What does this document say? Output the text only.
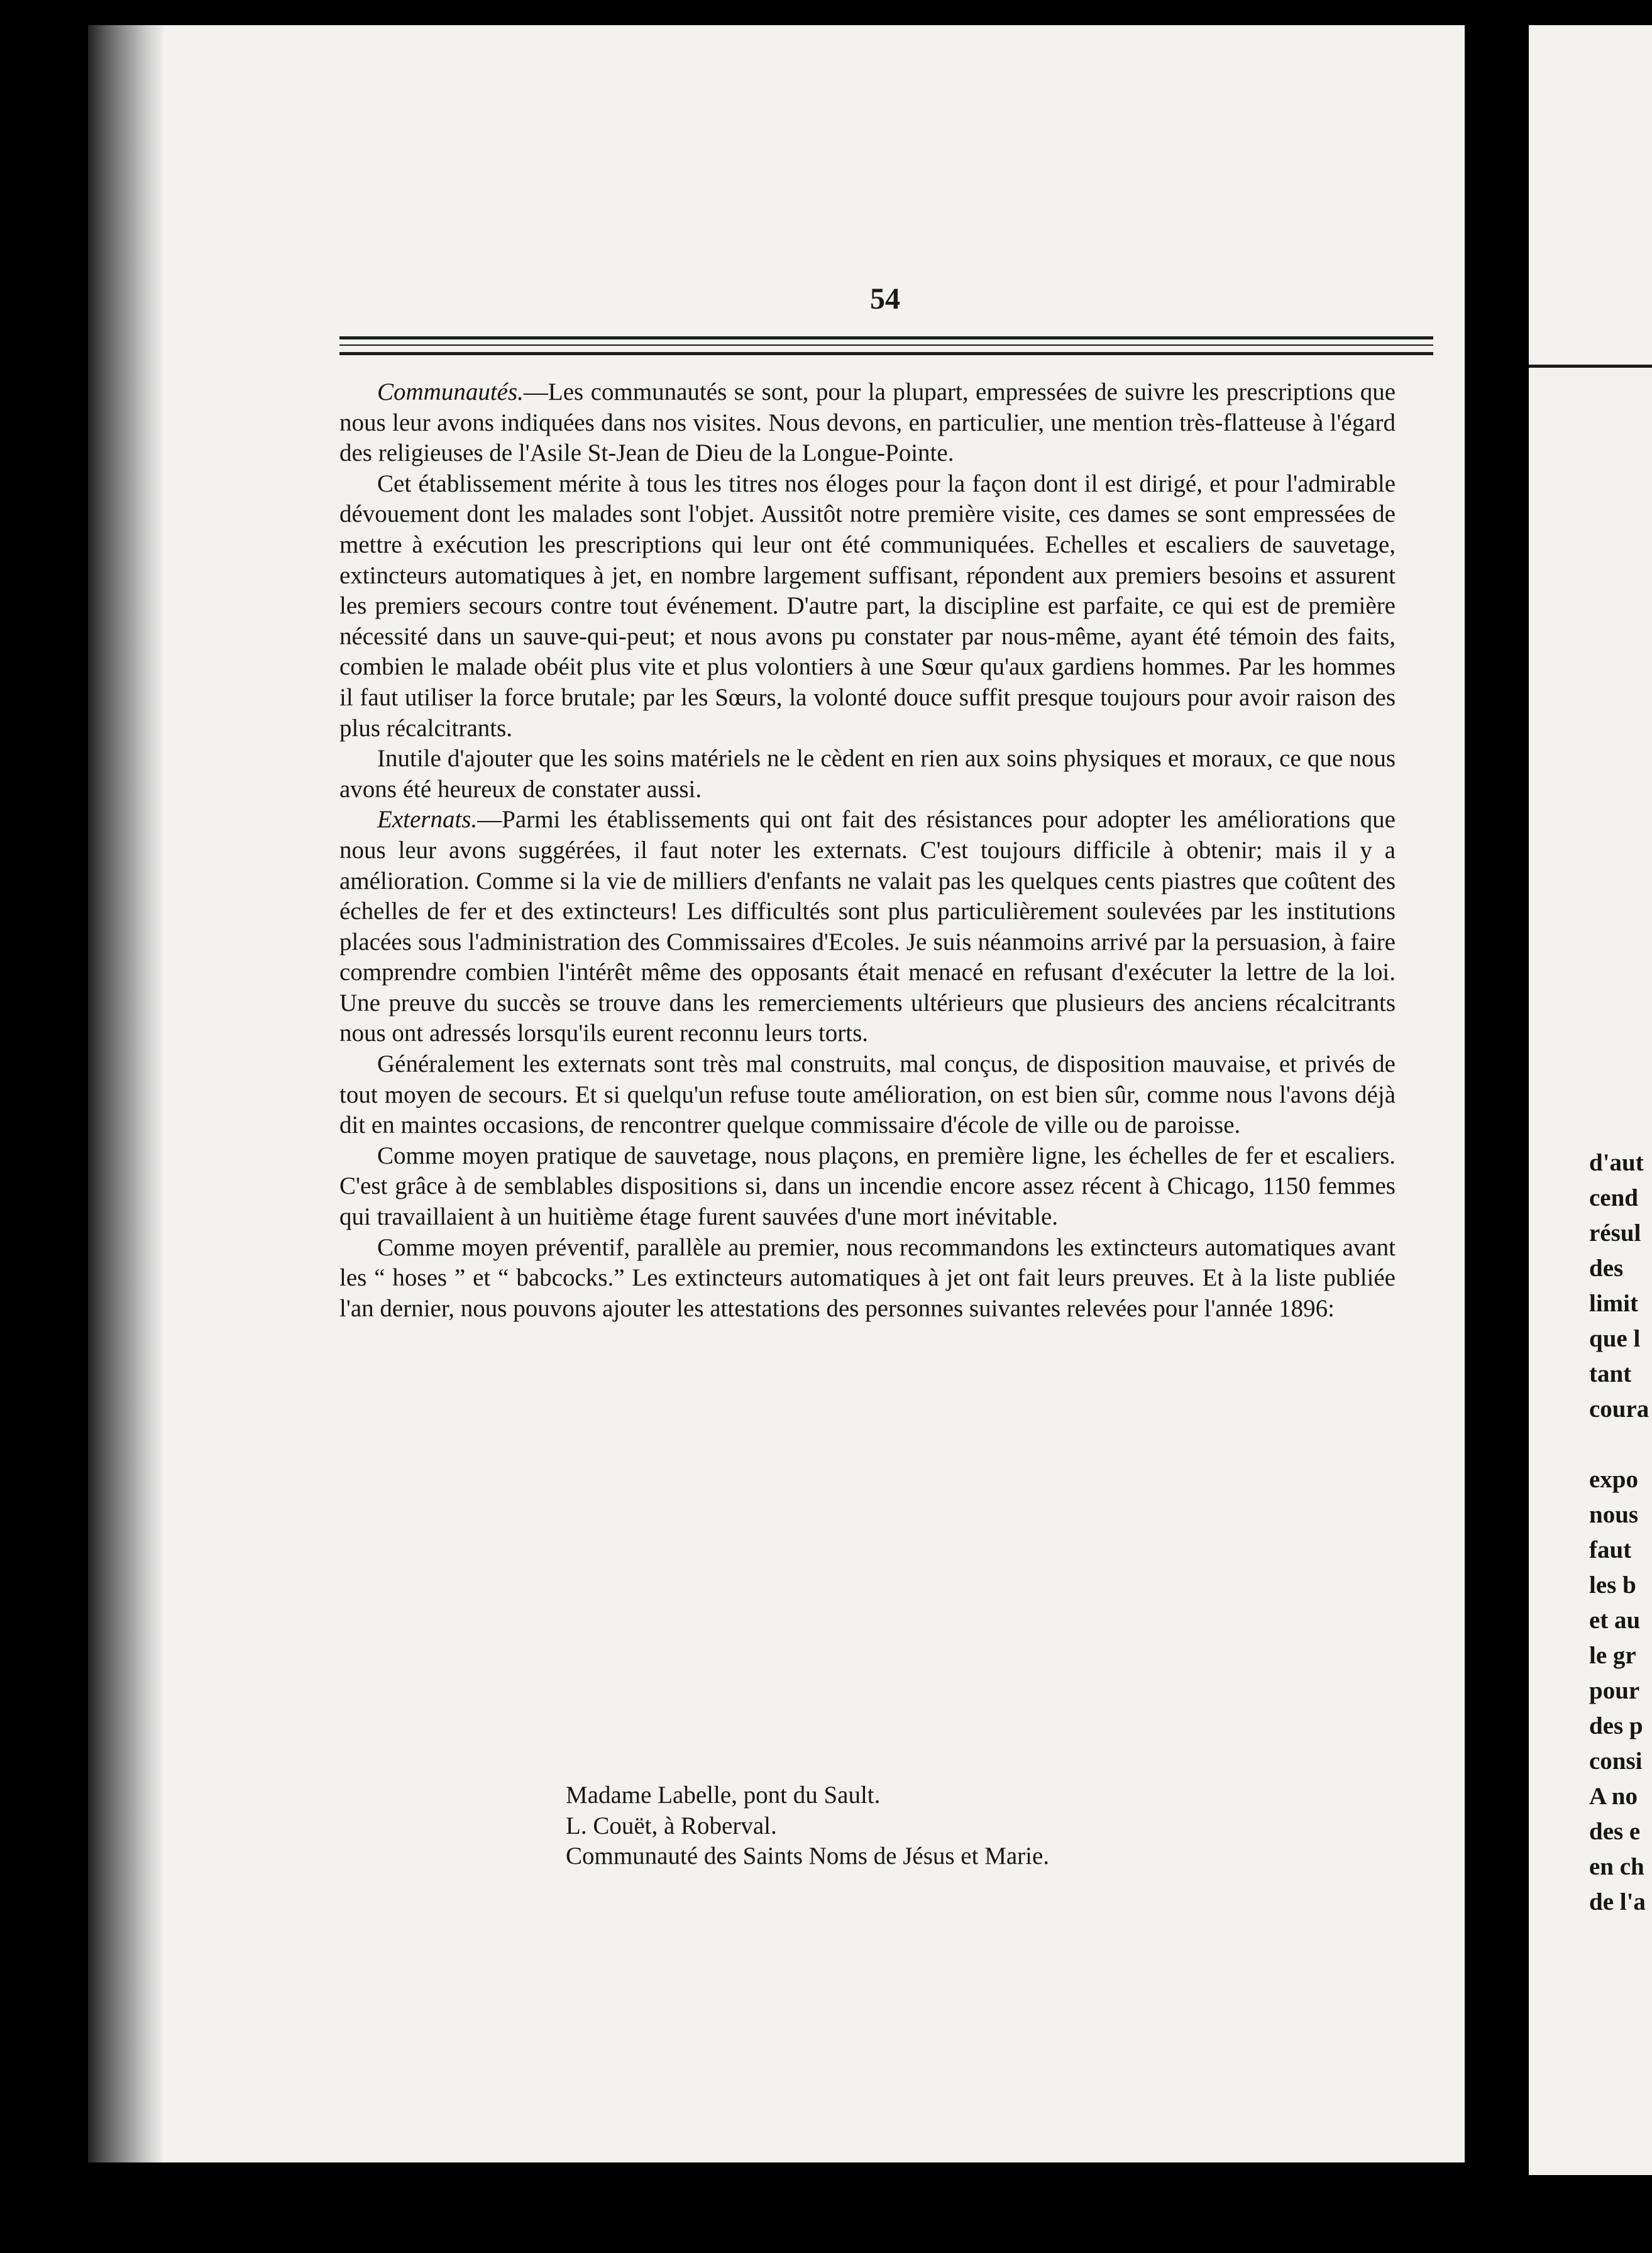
d'aut
cend
résul
des
limit
que l
tant
coura

expo
nous
faut
les b
et au
le gr
pour
des p
consi
A no
des e
en ch
de l'a
54

Communautés.—Les communautés se sont, pour la plupart, empressées de suivre les prescriptions que nous leur avons indiquées dans nos visites. Nous devons, en particulier, une mention très-flatteuse à l'égard des religieuses de l'Asile St-Jean de Dieu de la Longue-Pointe.

Cet établissement mérite à tous les titres nos éloges pour la façon dont il est dirigé, et pour l'admirable dévouement dont les malades sont l'objet. Aussitôt notre première visite, ces dames se sont empressées de mettre à exécution les prescriptions qui leur ont été communiquées. Echelles et escaliers de sauvetage, extincteurs automatiques à jet, en nombre largement suffisant, répondent aux premiers besoins et assurent les premiers secours contre tout événement. D'autre part, la discipline est parfaite, ce qui est de première nécessité dans un sauve-qui-peut; et nous avons pu constater par nous-même, ayant été témoin des faits, combien le malade obéit plus vite et plus volontiers à une Sœur qu'aux gardiens hommes. Par les hommes il faut utiliser la force brutale; par les Sœurs, la volonté douce suffit presque toujours pour avoir raison des plus récalcitrants.

Inutile d'ajouter que les soins matériels ne le cèdent en rien aux soins physiques et moraux, ce que nous avons été heureux de constater aussi.

Externats.—Parmi les établissements qui ont fait des résistances pour adopter les améliorations que nous leur avons suggérées, il faut noter les externats. C'est toujours difficile à obtenir; mais il y a amélioration. Comme si la vie de milliers d'enfants ne valait pas les quelques cents piastres que coûtent des échelles de fer et des extincteurs! Les difficultés sont plus particulièrement soulevées par les institutions placées sous l'administration des Commissaires d'Ecoles. Je suis néanmoins arrivé par la persuasion, à faire comprendre combien l'intérêt même des opposants était menacé en refusant d'exécuter la lettre de la loi. Une preuve du succès se trouve dans les remerciements ultérieurs que plusieurs des anciens récalcitrants nous ont adressés lorsqu'ils eurent reconnu leurs torts.

Généralement les externats sont très mal construits, mal conçus, de disposition mauvaise, et privés de tout moyen de secours. Et si quelqu'un refuse toute amélioration, on est bien sûr, comme nous l'avons déjà dit en maintes occasions, de rencontrer quelque commissaire d'école de ville ou de paroisse.

Comme moyen pratique de sauvetage, nous plaçons, en première ligne, les échelles de fer et escaliers. C'est grâce à de semblables dispositions si, dans un incendie encore assez récent à Chicago, 1150 femmes qui travaillaient à un huitième étage furent sauvées d'une mort inévitable.

Comme moyen préventif, parallèle au premier, nous recommandons les extincteurs automatiques avant les “ hoses ” et “ babcocks.” Les extincteurs automatiques à jet ont fait leurs preuves. Et à la liste publiée l'an dernier, nous pouvons ajouter les attestations des personnes suivantes relevées pour l'année 1896:

Madame Labelle, pont du Sault.
L. Couët, à Roberval.
Communauté des Saints Noms de Jésus et Marie.
